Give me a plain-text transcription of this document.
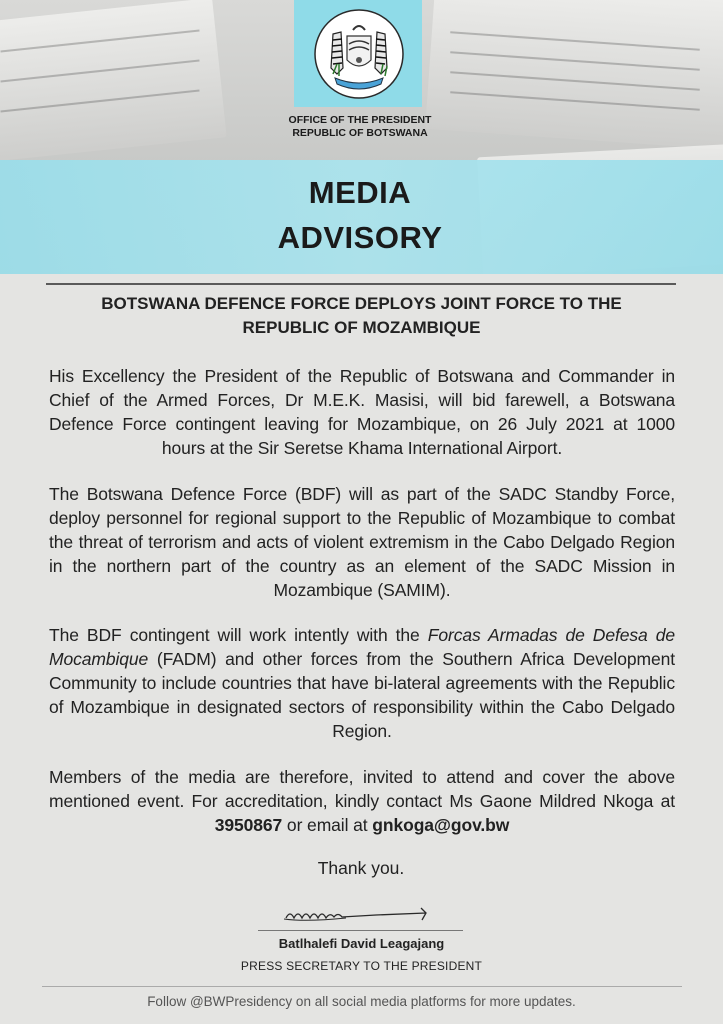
OFFICE OF THE PRESIDENT
REPUBLIC OF BOTSWANA
MEDIA
ADVISORY
BOTSWANA DEFENCE FORCE DEPLOYS JOINT FORCE TO THE
REPUBLIC OF MOZAMBIQUE
His Excellency the President of the Republic of Botswana and Commander in Chief of the Armed Forces, Dr M.E.K. Masisi, will bid farewell, a Botswana Defence Force contingent leaving for Mozambique, on 26 July 2021 at 1000 hours at the Sir Seretse Khama International Airport.
The Botswana Defence Force (BDF) will as part of the SADC Standby Force, deploy personnel for regional support to the Republic of Mozambique to combat the threat of terrorism and acts of violent extremism in the Cabo Delgado Region in the northern part of the country as an element of the SADC Mission in Mozambique (SAMIM).
The BDF contingent will work intently with the Forcas Armadas de Defesa de Mocambique (FADM) and other forces from the Southern Africa Development Community to include countries that have bi-lateral agreements with the Republic of Mozambique in designated sectors of responsibility within the Cabo Delgado Region.
Members of the media are therefore, invited to attend and cover the above mentioned event. For accreditation, kindly contact Ms Gaone Mildred Nkoga at 3950867 or email at gnkoga@gov.bw
Thank you.
Batlhalefi David Leagajang
PRESS SECRETARY TO THE PRESIDENT
Follow @BWPresidency on all social media platforms for more updates.
